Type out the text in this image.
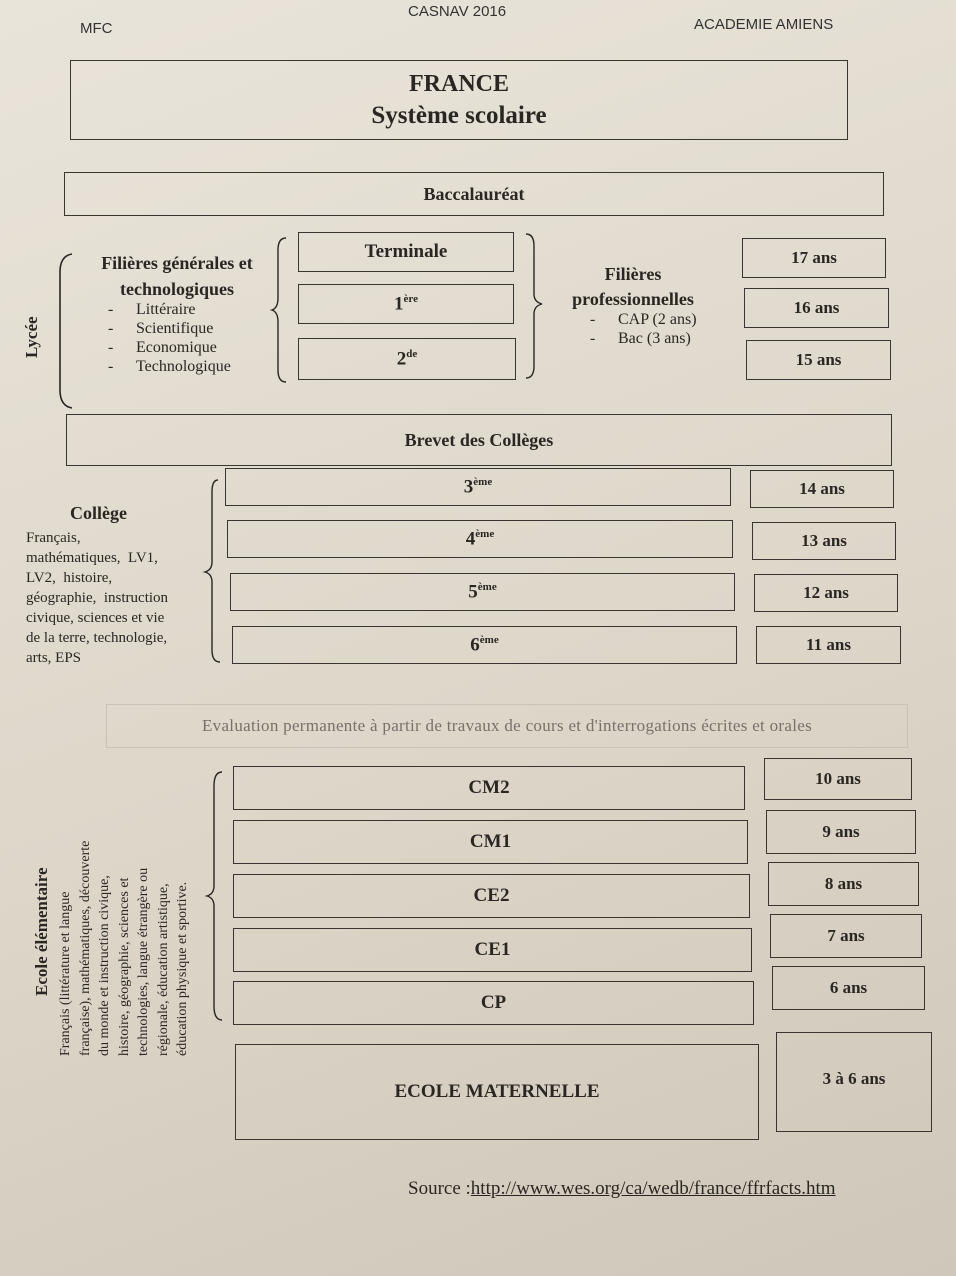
MFC
CASNAV 2016
ACADEMIE AMIENS
FRANCE
Système scolaire
Baccalauréat
Lycée
Filières générales et
technologiques
- Littéraire
- Scientifique
- Economique
- Technologique
Terminale
1ère
2de
Filières
professionnelles
- CAP (2 ans)
- Bac (3 ans)
17 ans
16 ans
15 ans
Brevet des Collèges
Collège
Français,
mathématiques,  LV1,
LV2,  histoire,
géographie,  instruction
civique, sciences et vie
de la terre, technologie,
arts, EPS
3ème
4ème
5ème
6ème
14 ans
13 ans
12 ans
11 ans
Evaluation permanente à partir de travaux de cours et d'interrogations écrites et orales
Ecole élémentaire Français (littérature et langue française), mathématiques, découverte du monde et instruction civique, histoire, géographie, sciences et technologies, langue étrangère ou régionale, éducation artistique, éducation physique et sportive.
CM2
CM1
CE2
CE1
CP
10 ans
9 ans
8 ans
7 ans
6 ans
ECOLE MATERNELLE
3 à 6 ans
Source :http://www.wes.org/ca/wedb/france/ffrfacts.htm
